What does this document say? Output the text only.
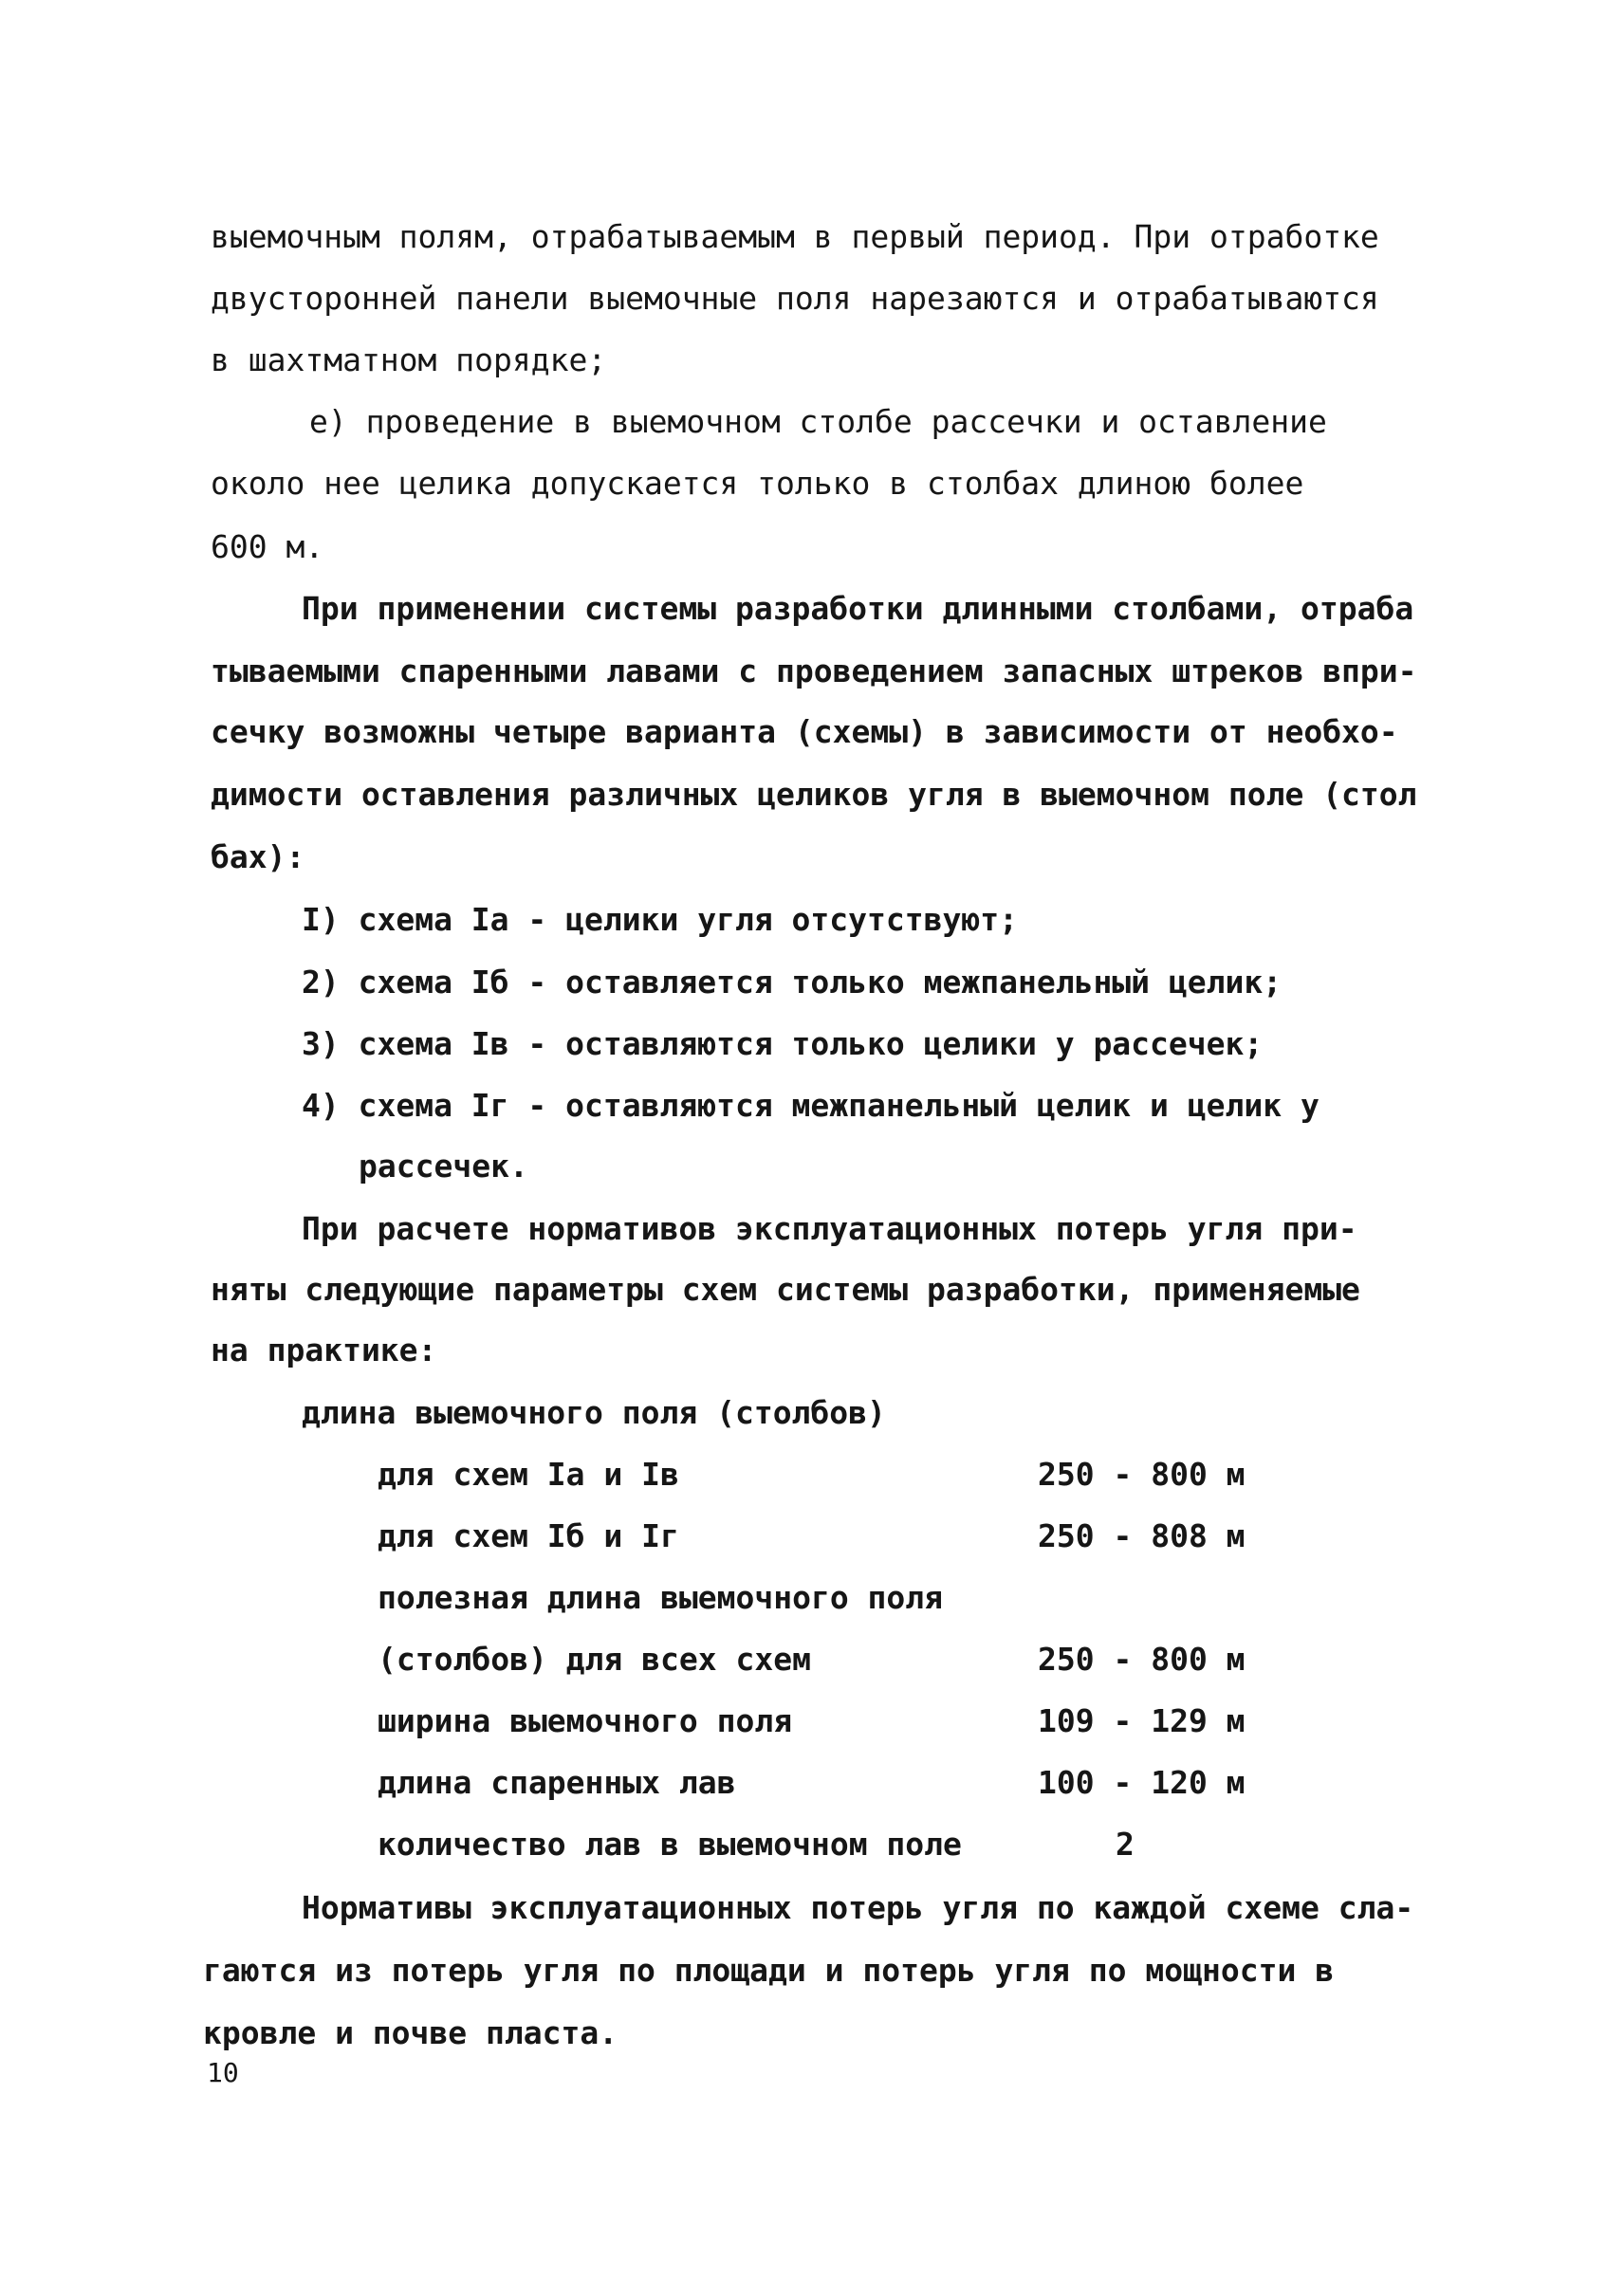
выемочным полям, отрабатываемым в первый период. При отработке
двусторонней панели выемочные поля нарезаются и отрабатываются
в шахтматном порядке;
е) проведение в выемочном столбе рассечки и оставление
около нее целика допускается только в столбах длиною более
600 м.
При применении системы разработки длинными столбами, отраба
тываемыми спаренными лавами с проведением запасных штреков впри-
сечку возможны четыре варианта (схемы) в зависимости от необхо-
димости оставления различных целиков угля в выемочном поле (стол
бах):
I) схема Iа - целики угля отсутствуют;
2) схема Iб - оставляется только межпанельный целик;
3) схема Iв - оставляются только целики у рассечек;
4) схема Iг - оставляются межпанельный целик и целик у
рассечек.
При расчете нормативов эксплуатационных потерь угля при-
няты следующие параметры схем системы разработки, применяемые
на практике:
длина выемочного поля (столбов)
для схем Iа и Iв	250 - 800 м
для схем Iб и Iг	250 - 808 м
полезная длина выемочного поля
(столбов) для всех схем	250 - 800 м
ширина выемочного поля	109 - 129 м
длина спаренных лав	100 - 120 м
количество лав в выемочном поле	2
Нормативы эксплуатационных потерь угля по каждой схеме сла-
гаются из потерь угля по площади и потерь угля по мощности в
кровле и почве пласта.
10
